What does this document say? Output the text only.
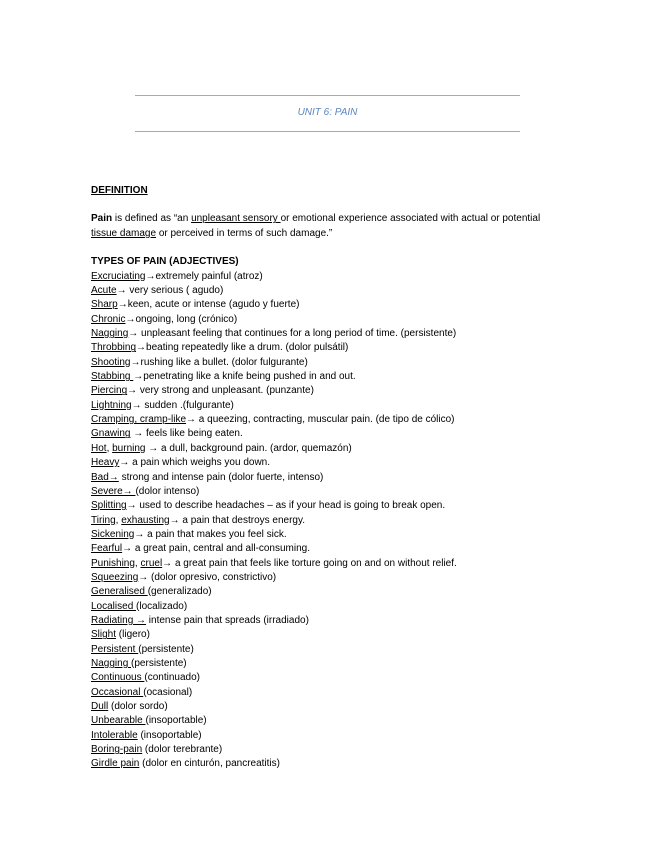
UNIT 6: PAIN
DEFINITION
Pain is defined as “an unpleasant sensory or emotional experience associated with actual or potential tissue damage or perceived in terms of such damage.”
TYPES OF PAIN (ADJECTIVES)
Excruciating→extremely painful (atroz)
Acute→ very serious ( agudo)
Sharp→keen, acute or intense (agudo y fuerte)
Chronic→ongoing, long (crónico)
Nagging→ unpleasant feeling that continues for a long period of time. (persistente)
Throbbing→beating repeatedly like a drum. (dolor pulsátil)
Shooting→rushing like a bullet. (dolor fulgurante)
Stabbing →penetrating like a knife being pushed in and out.
Piercing→ very strong and unpleasant. (punzante)
Lightning→ sudden .(fulgurante)
Cramping, cramp-like→ a queezing, contracting, muscular pain. (de tipo de cólico)
Gnawing → feels like being eaten.
Hot, burning → a dull, background pain. (ardor, quemazón)
Heavy→ a pain which weighs you down.
Bad→ strong and intense pain (dolor fuerte, intenso)
Severe→ (dolor intenso)
Splitting→ used to describe headaches – as if your head is going to break open.
Tiring, exhausting→ a pain that destroys energy.
Sickening→ a pain that makes you feel sick.
Fearful→ a great pain, central and all-consuming.
Punishing, cruel→ a great pain that feels like torture going on and on without relief.
Squeezing→ (dolor opresivo, constrictivo)
Generalised (generalizado)
Localised (localizado)
Radiating → intense pain that spreads (irradiado)
Slight (ligero)
Persistent (persistente)
Nagging (persistente)
Continuous (continuado)
Occasional (ocasional)
Dull (dolor sordo)
Unbearable (insoportable)
Intolerable (insoportable)
Boring-pain (dolor terebrante)
Girdle pain (dolor en cinturón, pancreatitis)
